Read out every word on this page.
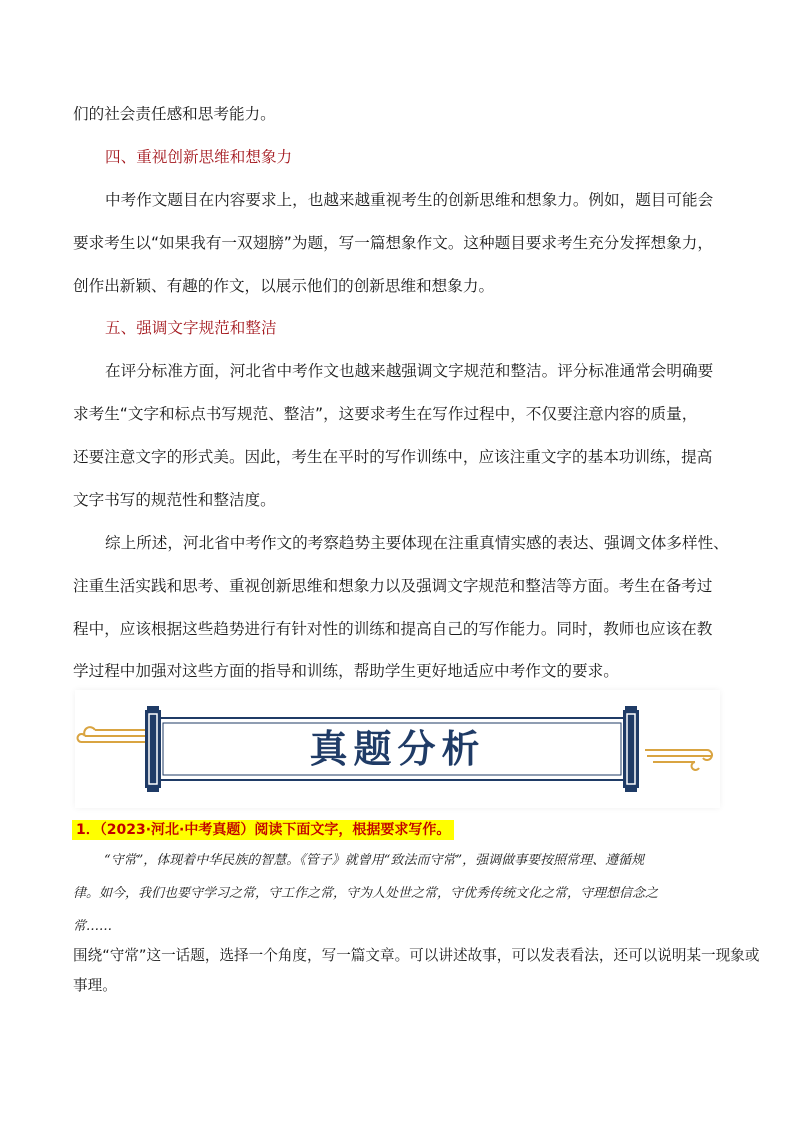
们的社会责任感和思考能力。
四、重视创新思维和想象力
中考作文题目在内容要求上，也越来越重视考生的创新思维和想象力。例如，题目可能会
要求考生以“如果我有一双翅膀”为题，写一篇想象作文。这种题目要求考生充分发挥想象力，
创作出新颖、有趣的作文，以展示他们的创新思维和想象力。
五、强调文字规范和整洁
在评分标准方面，河北省中考作文也越来越强调文字规范和整洁。评分标准通常会明确要
求考生“文字和标点书写规范、整洁”，这要求考生在写作过程中，不仅要注意内容的质量，
还要注意文字的形式美。因此，考生在平时的写作训练中，应该注重文字的基本功训练，提高
文字书写的规范性和整洁度。
综上所述，河北省中考作文的考察趋势主要体现在注重真情实感的表达、强调文体多样性、
注重生活实践和思考、重视创新思维和想象力以及强调文字规范和整洁等方面。考生在备考过
程中，应该根据这些趋势进行有针对性的训练和提高自己的写作能力。同时，教师也应该在教
学过程中加强对这些方面的指导和训练，帮助学生更好地适应中考作文的要求。
真题分析
1．（2023·河北·中考真题）阅读下面文字，根据要求写作。
“守常”，体现着中华民族的智慧。《管子》就曾用“致法而守常”，强调做事要按照常理、遵循规
律。如今，我们也要守学习之常，守工作之常，守为人处世之常，守优秀传统文化之常，守理想信念之
常……
围绕“守常”这一话题，选择一个角度，写一篇文章。可以讲述故事，可以发表看法，还可以说明某一现象或
事理。
